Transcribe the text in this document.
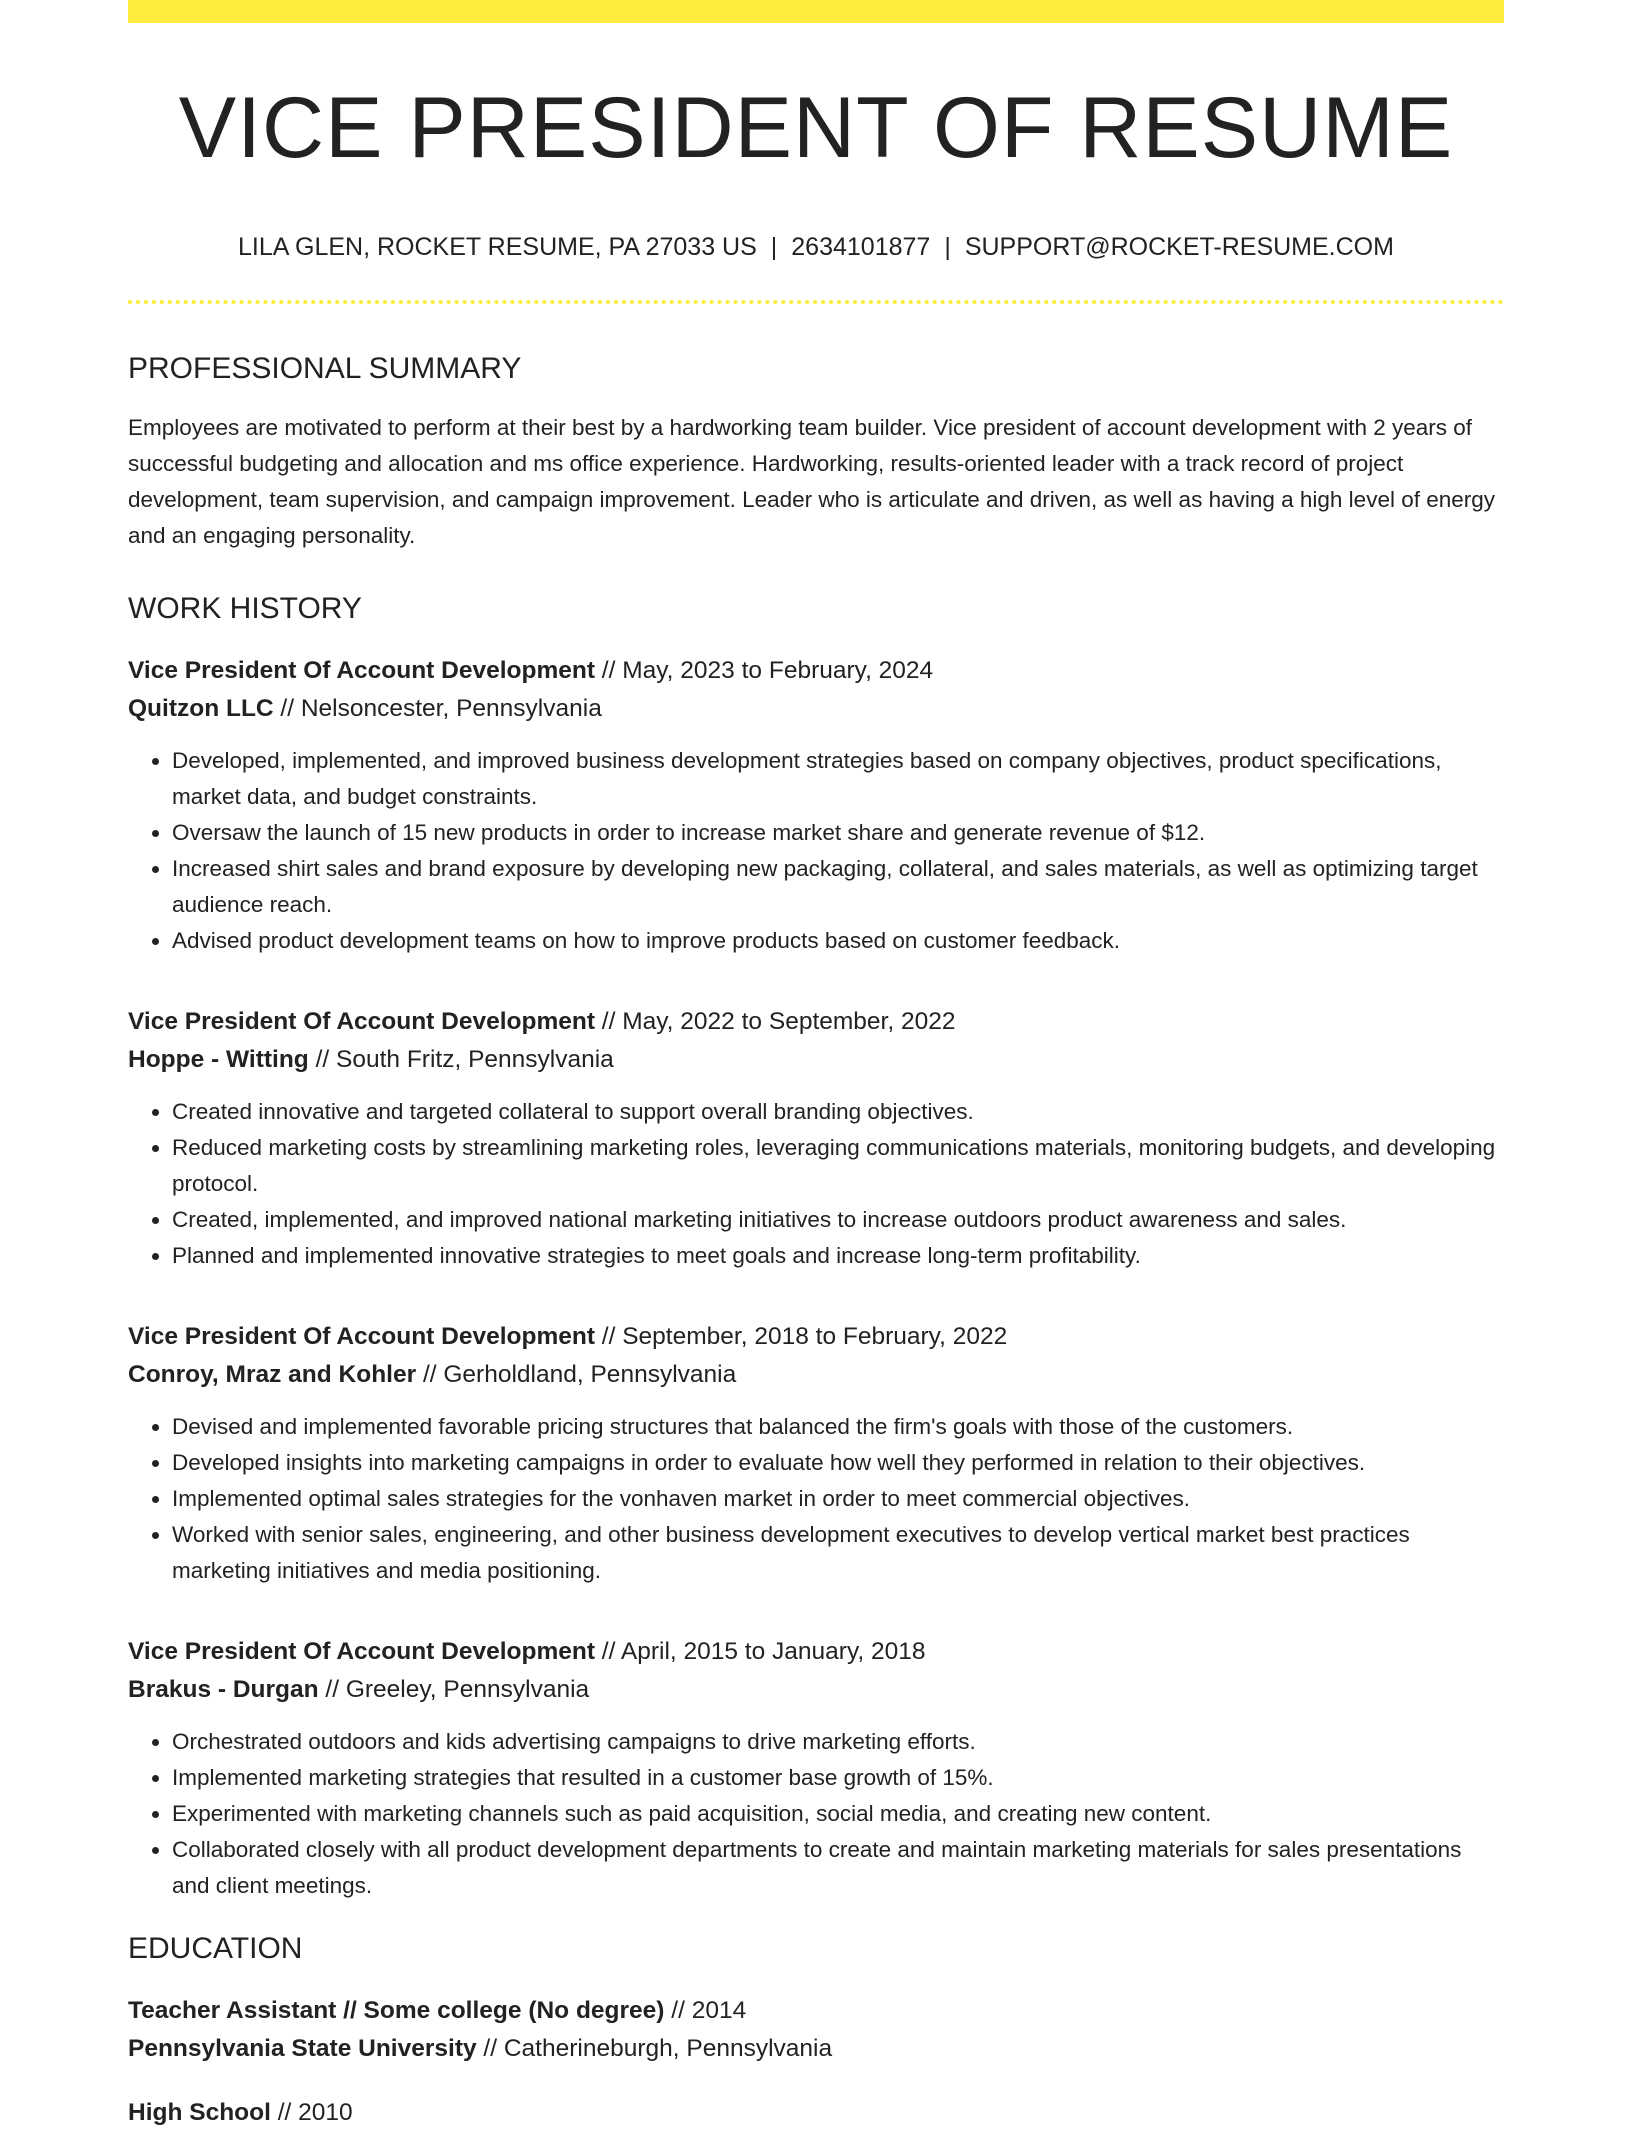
VICE PRESIDENT OF RESUME
LILA GLEN, ROCKET RESUME, PA 27033 US | 2634101877 | SUPPORT@ROCKET-RESUME.COM
PROFESSIONAL SUMMARY
Employees are motivated to perform at their best by a hardworking team builder. Vice president of account development with 2 years of successful budgeting and allocation and ms office experience. Hardworking, results-oriented leader with a track record of project development, team supervision, and campaign improvement. Leader who is articulate and driven, as well as having a high level of energy and an engaging personality.
WORK HISTORY
Vice President Of Account Development // May, 2023 to February, 2024
Quitzon LLC // Nelsoncester, Pennsylvania
• Developed, implemented, and improved business development strategies based on company objectives, product specifications, market data, and budget constraints.
• Oversaw the launch of 15 new products in order to increase market share and generate revenue of $12.
• Increased shirt sales and brand exposure by developing new packaging, collateral, and sales materials, as well as optimizing target audience reach.
• Advised product development teams on how to improve products based on customer feedback.
Vice President Of Account Development // May, 2022 to September, 2022
Hoppe - Witting // South Fritz, Pennsylvania
• Created innovative and targeted collateral to support overall branding objectives.
• Reduced marketing costs by streamlining marketing roles, leveraging communications materials, monitoring budgets, and developing protocol.
• Created, implemented, and improved national marketing initiatives to increase outdoors product awareness and sales.
• Planned and implemented innovative strategies to meet goals and increase long-term profitability.
Vice President Of Account Development // September, 2018 to February, 2022
Conroy, Mraz and Kohler // Gerholdland, Pennsylvania
• Devised and implemented favorable pricing structures that balanced the firm's goals with those of the customers.
• Developed insights into marketing campaigns in order to evaluate how well they performed in relation to their objectives.
• Implemented optimal sales strategies for the vonhaven market in order to meet commercial objectives.
• Worked with senior sales, engineering, and other business development executives to develop vertical market best practices marketing initiatives and media positioning.
Vice President Of Account Development // April, 2015 to January, 2018
Brakus - Durgan // Greeley, Pennsylvania
• Orchestrated outdoors and kids advertising campaigns to drive marketing efforts.
• Implemented marketing strategies that resulted in a customer base growth of 15%.
• Experimented with marketing channels such as paid acquisition, social media, and creating new content.
• Collaborated closely with all product development departments to create and maintain marketing materials for sales presentations and client meetings.
EDUCATION
Teacher Assistant // Some college (No degree) // 2014
Pennsylvania State University // Catherineburgh, Pennsylvania
High School // 2010
